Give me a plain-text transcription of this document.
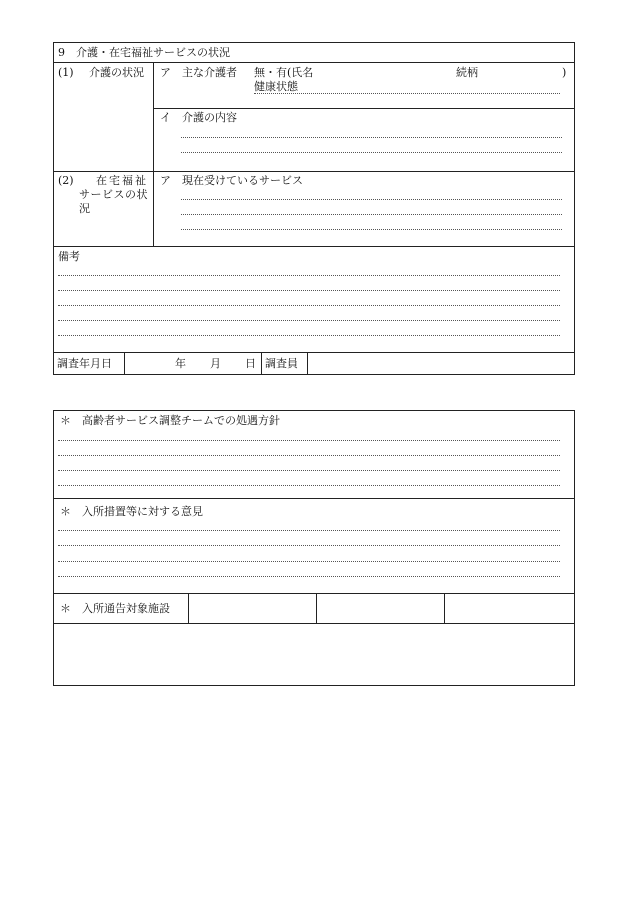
9　介護・在宅福祉サービスの状況
(1) 介護の状況 ア　主な介護者 無・有(氏名	続柄	)
健康状態
イ　介護の内容
(2) 在宅福祉
サービスの状
況
ア　現在受けているサービス
備考
調査年月日	年 月 日 調査員
＊　高齢者サービス調整チームでの処遇方針
＊　入所措置等に対する意見
＊　入所通告対象施設
